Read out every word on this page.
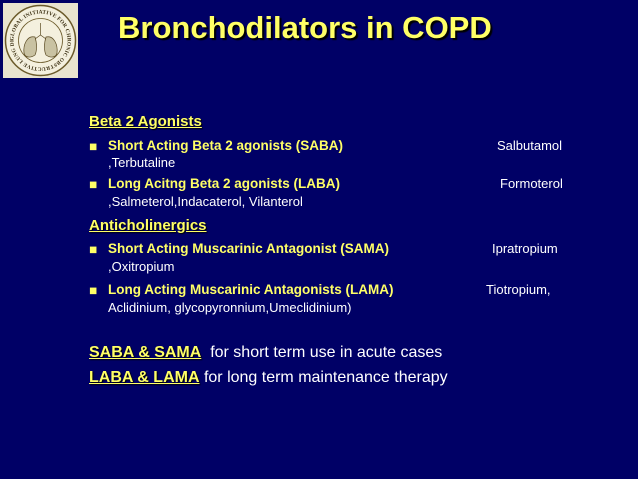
GLOBAL INITIATIVE FOR CHRONIC OBSTRUCTIVE LUNG DI	Bronchodilators in COPD
Beta 2 Agonists
■ Short Acting Beta 2 agonists (SABA)	Salbutamol
,Terbutaline
■ Long Acitng Beta 2 agonists (LABA)	Formoterol
,Salmeterol,Indacaterol, Vilanterol
Anticholinergics
■ Short Acting Muscarinic Antagonist (SAMA)	Ipratropium
,Oxitropium
■ Long Acting Muscarinic Antagonists (LAMA)	Tiotropium,
Aclidinium, glycopyronnium,Umeclidinium)
SABA & SAMA  for short term use in acute cases
LABA & LAMA for long term maintenance therapy
